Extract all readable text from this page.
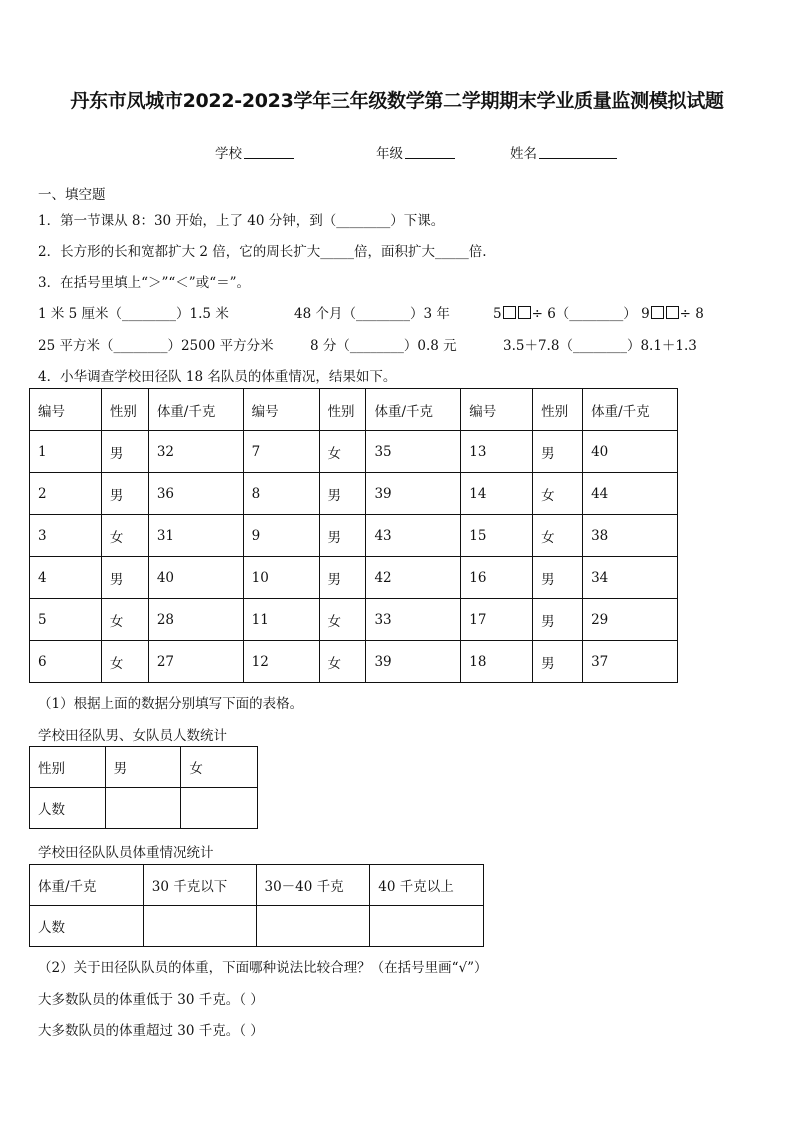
丹东市凤城市2022-2023学年三年级数学第二学期期末学业质量监测模拟试题
学校	年级	姓名
一、填空题
1．第一节课从 8：30 开始，上了 40 分钟，到（________）下课。
2．长方形的长和宽都扩大 2 倍，它的周长扩大_____倍，面积扩大_____倍.
3．在括号里填上“＞”“＜”或“＝”。
1 米 5 厘米（________）1.5 米	48 个月（________）3 年	5 ÷ 6（________） 9 ÷ 8
25 平方米（________）2500 平方分米	8 分（________）0.8 元	3.5＋7.8（________）8.1＋1.3
4．小华调查学校田径队 18 名队员的体重情况，结果如下。
编号	性别	体重/千克	编号	性别	体重/千克	编号	性别	体重/千克
1	男	32	7	女	35	13	男	40
2	男	36	8	男	39	14	女	44
3	女	31	9	男	43	15	女	38
4	男	40	10	男	42	16	男	34
5	女	28	11	女	33	17	男	29
6	女	27	12	女	39	18	男	37
（1）根据上面的数据分别填写下面的表格。
学校田径队男、女队员人数统计
性别	男	女
人数		
学校田径队队员体重情况统计
体重/千克	30 千克以下	30－40 千克	40 千克以上
人数			
（2）关于田径队队员的体重，下面哪种说法比较合理？（在括号里画“√”）
大多数队员的体重低于 30 千克。（ ）
大多数队员的体重超过 30 千克。（ ）
